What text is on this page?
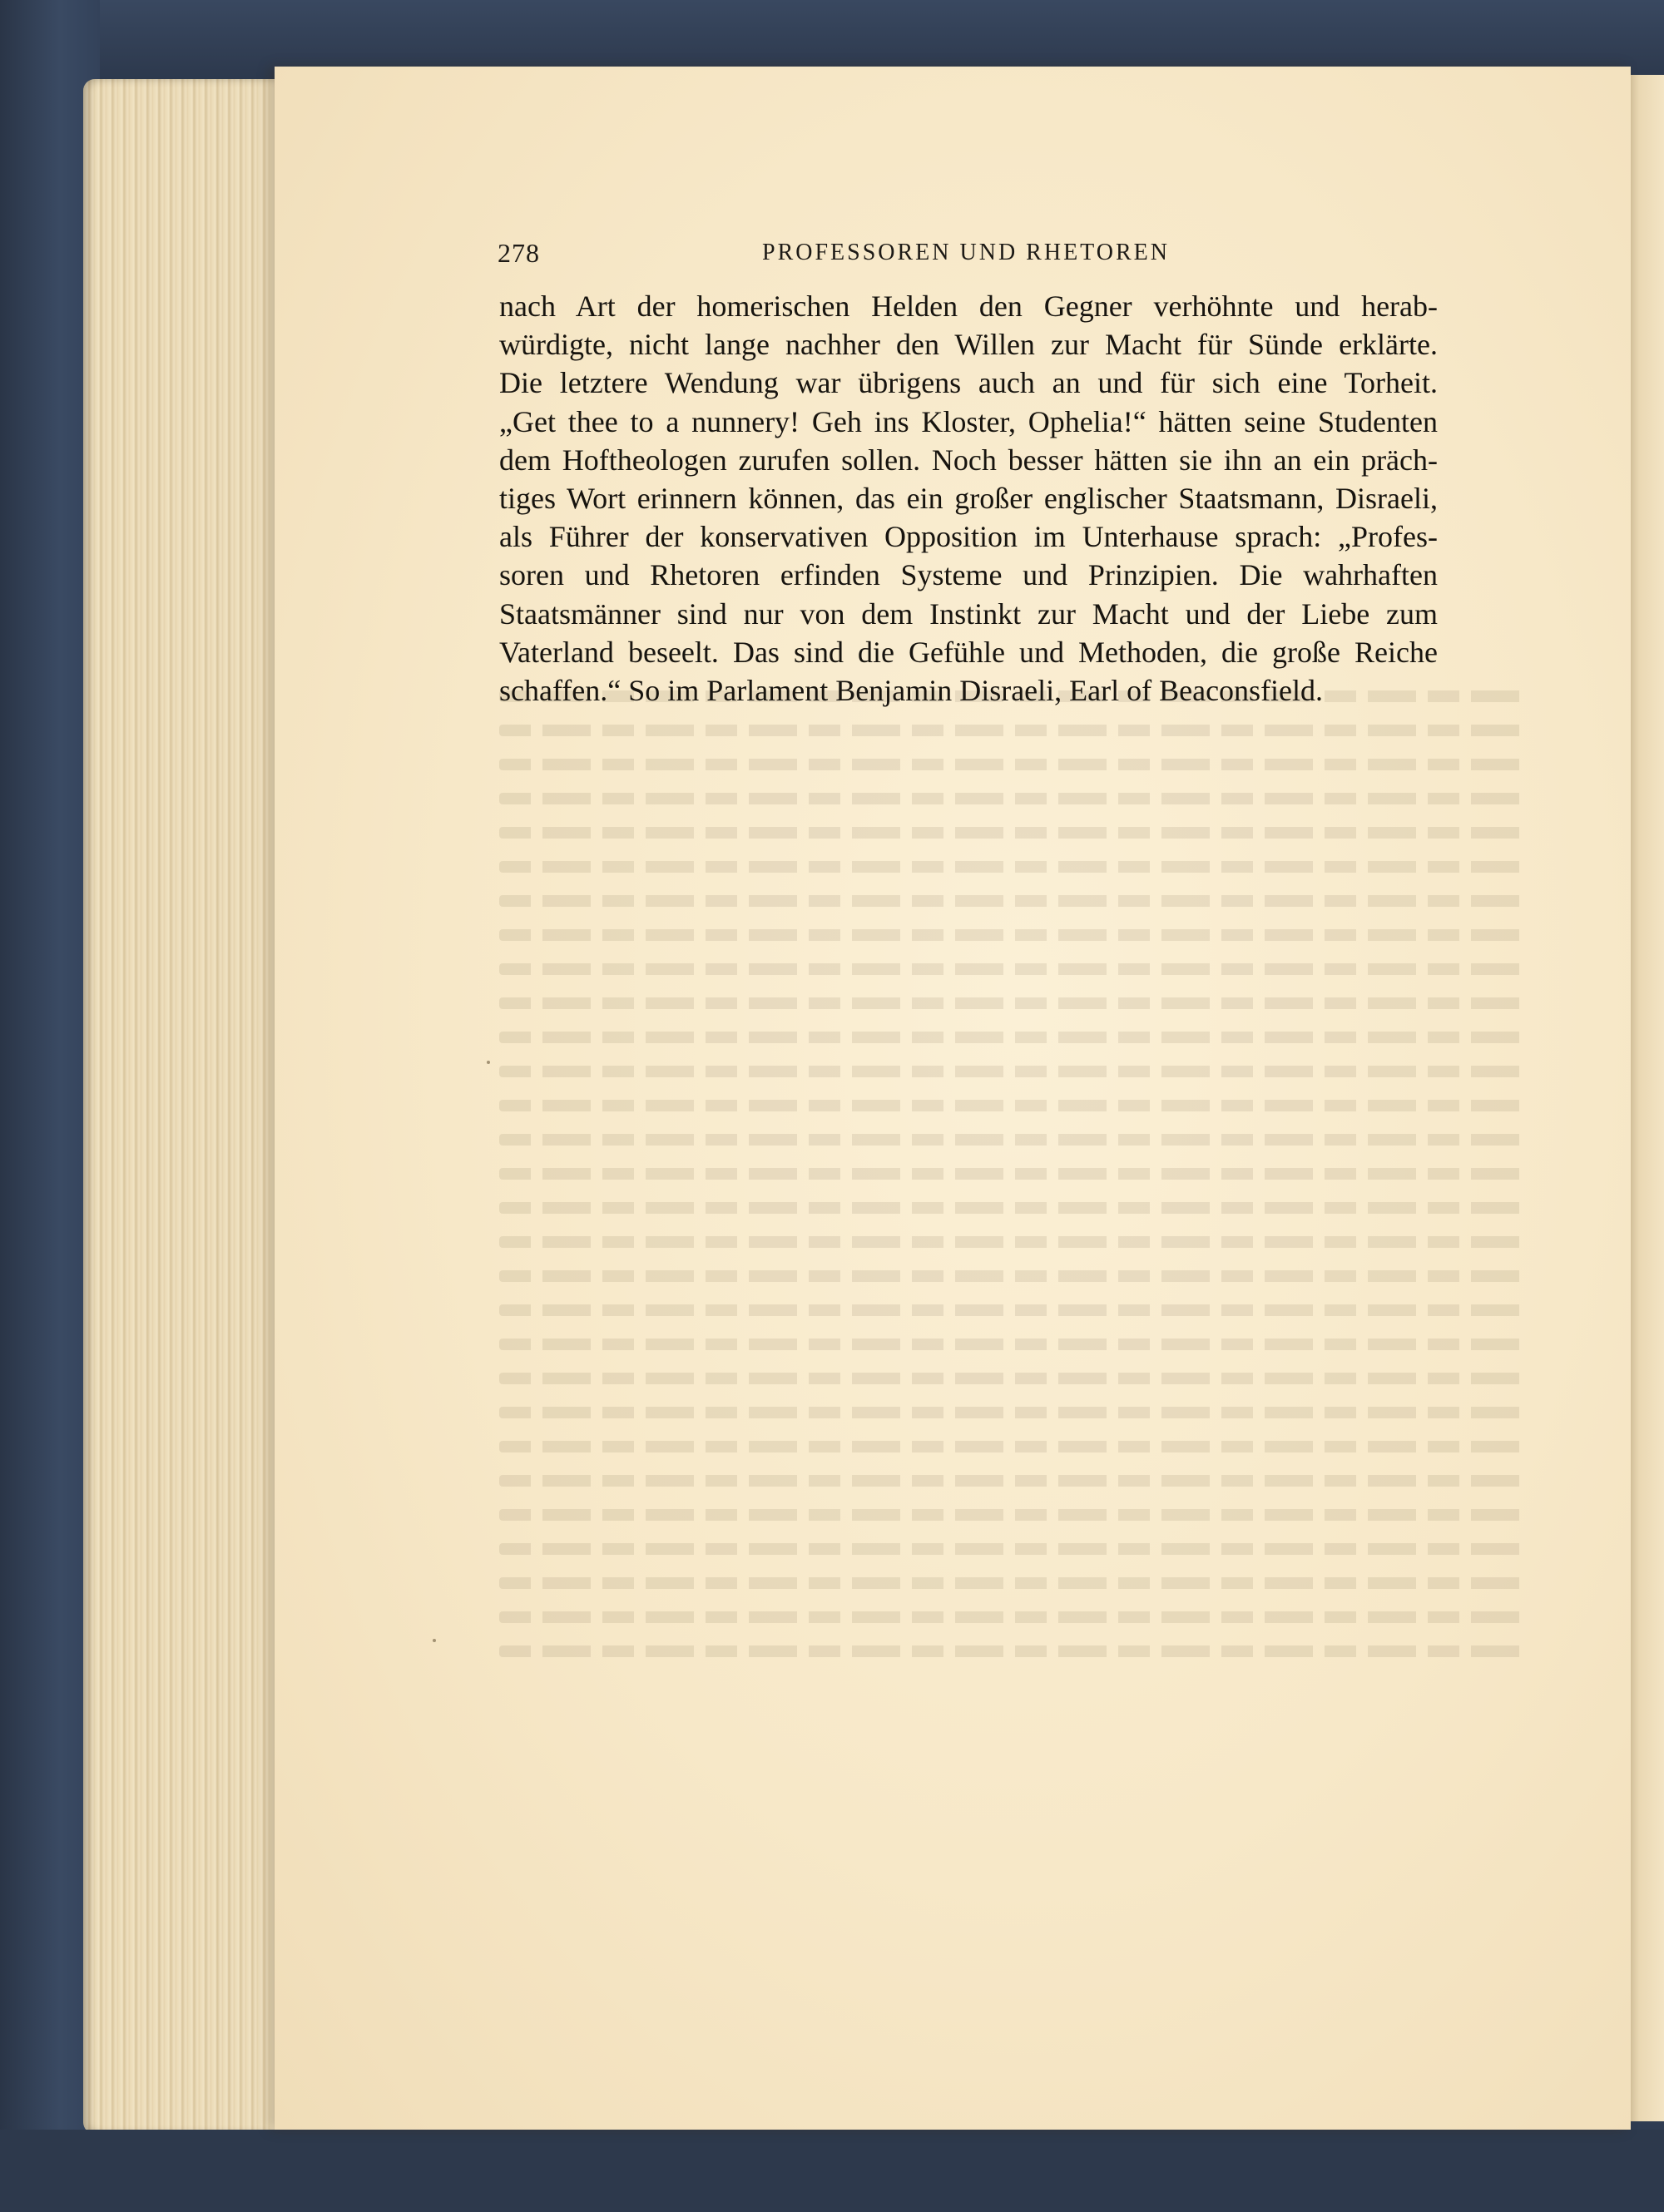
278	PROFESSOREN UND RHETOREN
nach Art der homerischen Helden den Gegner verhöhnte und herab-
würdigte, nicht lange nachher den Willen zur Macht für Sünde erklärte.
Die letztere Wendung war übrigens auch an und für sich eine Torheit.
„Get thee to a nunnery! Geh ins Kloster, Ophelia!“ hätten seine Studenten
dem Hoftheologen zurufen sollen. Noch besser hätten sie ihn an ein präch-
tiges Wort erinnern können, das ein großer englischer Staatsmann, Disraeli,
als Führer der konservativen Opposition im Unterhause sprach: „Profes-
soren und Rhetoren erfinden Systeme und Prinzipien. Die wahrhaften
Staatsmänner sind nur von dem Instinkt zur Macht und der Liebe zum
Vaterland beseelt. Das sind die Gefühle und Methoden, die große Reiche
schaffen.“ So im Parlament Benjamin Disraeli, Earl of Beaconsfield.
